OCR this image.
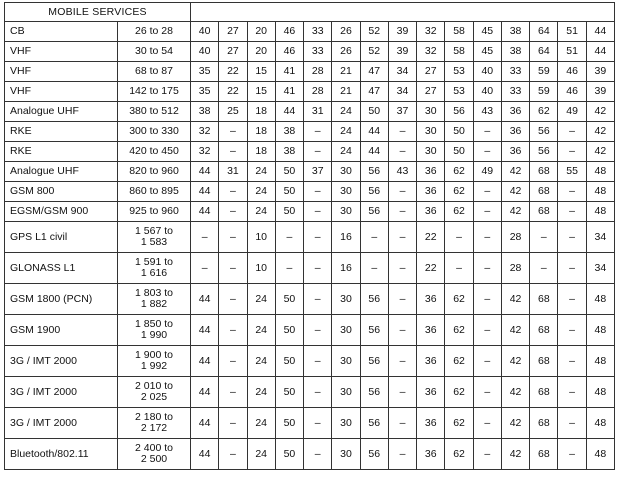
MOBILE SERVICES																
CB	26 to 28	40	27	20	46	33	26	52	39	32	58	45	38	64	51	44
VHF	30 to 54	40	27	20	46	33	26	52	39	32	58	45	38	64	51	44
VHF	68 to 87	35	22	15	41	28	21	47	34	27	53	40	33	59	46	39
VHF	142 to 175	35	22	15	41	28	21	47	34	27	53	40	33	59	46	39
Analogue UHF	380 to 512	38	25	18	44	31	24	50	37	30	56	43	36	62	49	42
RKE	300 to 330	32	–	18	38	–	24	44	–	30	50	–	36	56	–	42
RKE	420 to 450	32	–	18	38	–	24	44	–	30	50	–	36	56	–	42
Analogue UHF	820 to 960	44	31	24	50	37	30	56	43	36	62	49	42	68	55	48
GSM 800	860 to 895	44	–	24	50	–	30	56	–	36	62	–	42	68	–	48
EGSM/GSM 900	925 to 960	44	–	24	50	–	30	56	–	36	62	–	42	68	–	48
GPS L1 civil	1 567 to
1 583	–	–	10	–	–	16	–	–	22	–	–	28	–	–	34
GLONASS L1	1 591 to
1 616	–	–	10	–	–	16	–	–	22	–	–	28	–	–	34
GSM 1800 (PCN)	1 803 to
1 882	44	–	24	50	–	30	56	–	36	62	–	42	68	–	48
GSM 1900	1 850 to
1 990	44	–	24	50	–	30	56	–	36	62	–	42	68	–	48
3G / IMT 2000	1 900 to
1 992	44	–	24	50	–	30	56	–	36	62	–	42	68	–	48
3G / IMT 2000	2 010 to
2 025	44	–	24	50	–	30	56	–	36	62	–	42	68	–	48
3G / IMT 2000	2 180 to
2 172	44	–	24	50	–	30	56	–	36	62	–	42	68	–	48
Bluetooth/802.11	2 400 to
2 500	44	–	24	50	–	30	56	–	36	62	–	42	68	–	48
